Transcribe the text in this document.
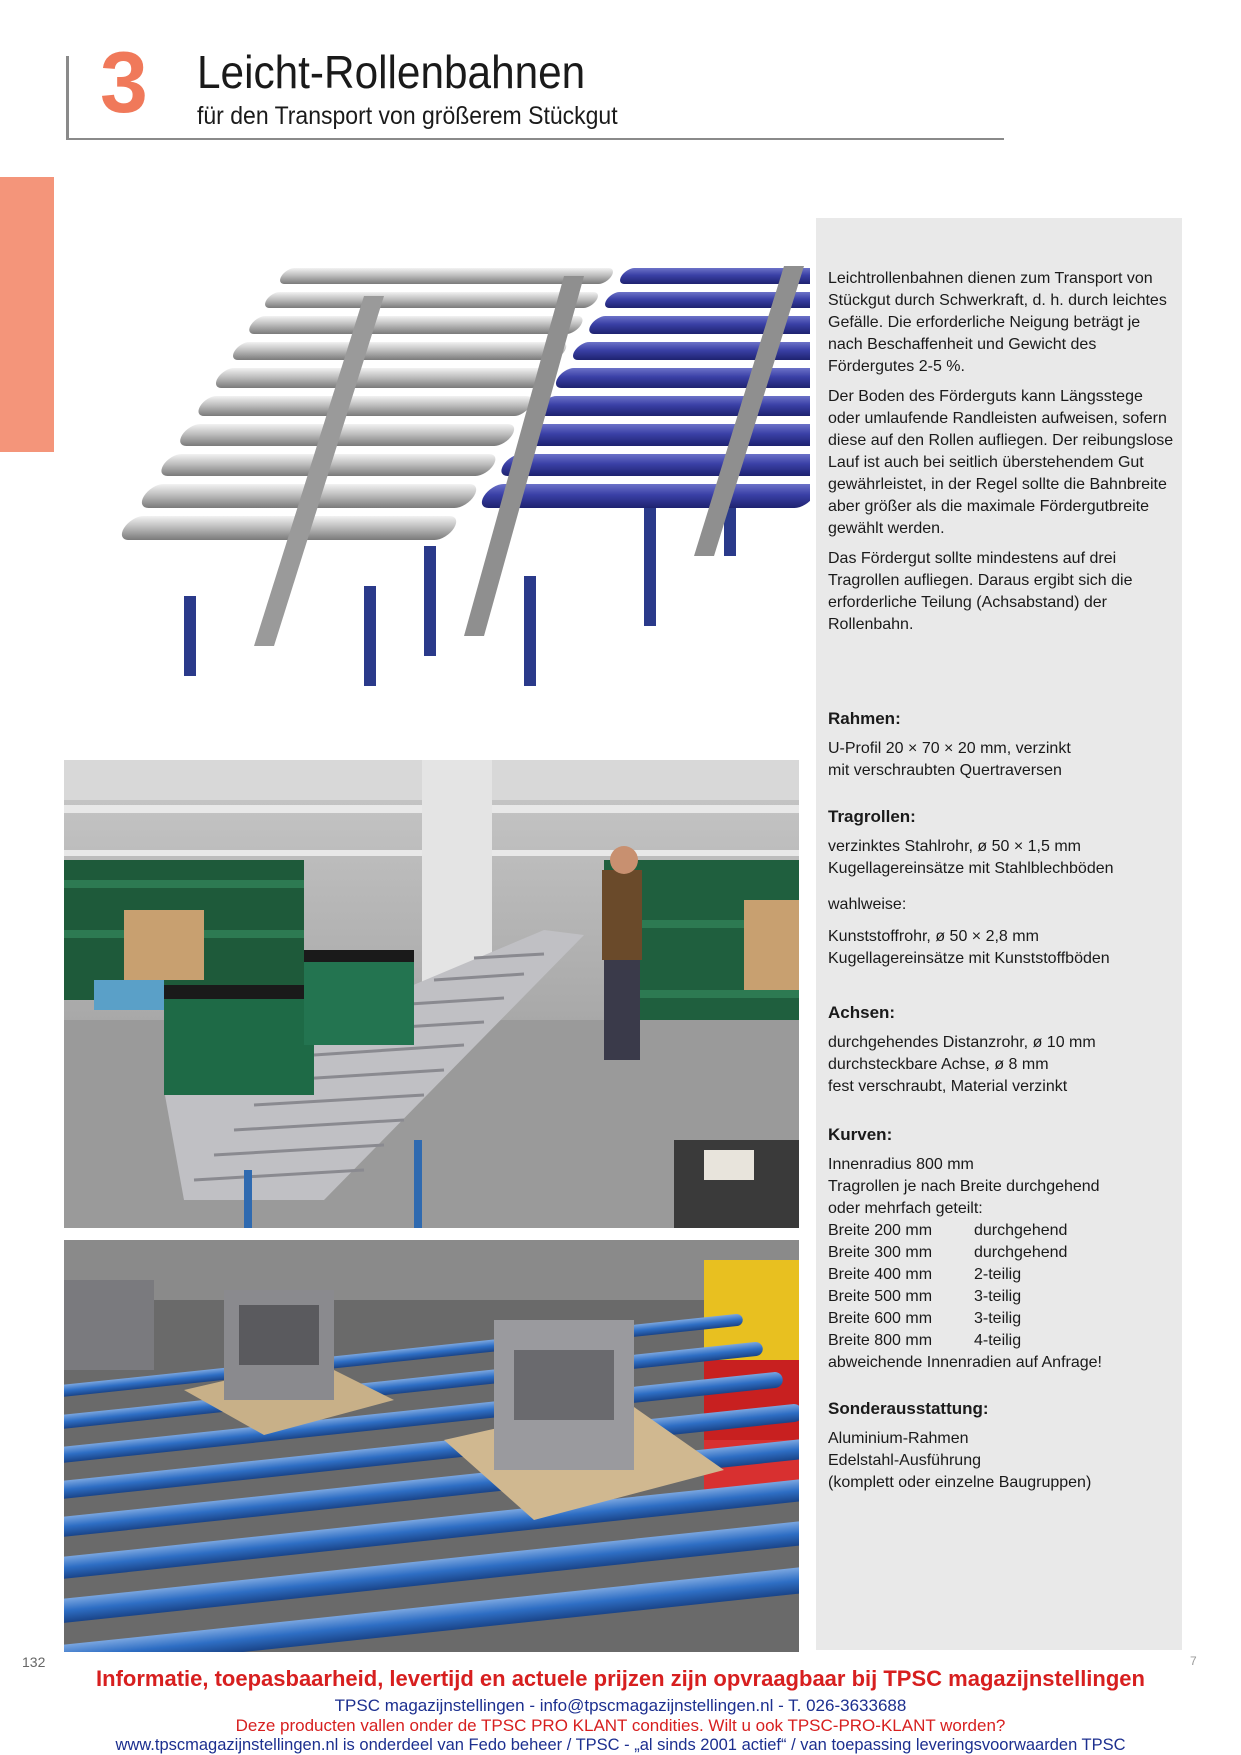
3 Leicht-Rollenbahnen
für den Transport von größerem Stückgut

Leichtrollenbahnen dienen zum Transport von Stückgut durch Schwerkraft, d. h. durch leichtes Gefälle. Die erforderliche Neigung beträgt je nach Beschaffenheit und Gewicht des Fördergutes 2-5 %.

Der Boden des Förderguts kann Längsstege oder umlaufende Randleisten aufweisen, sofern diese auf den Rollen aufliegen. Der reibungslose Lauf ist auch bei seitlich überstehendem Gut gewährleistet, in der Regel sollte die Bahnbreite aber größer als die maximale Fördergutbreite gewählt werden.

Das Fördergut sollte mindestens auf drei Tragrollen aufliegen. Daraus ergibt sich die erforderliche Teilung (Achsabstand) der Rollenbahn.

Rahmen:

U-Profil 20 × 70 × 20 mm, verzinkt

mit verschraubten Quertraversen

Tragrollen:

verzinktes Stahlrohr, ø 50 × 1,5 mm

Kugellagereinsätze mit Stahlblechböden

wahlweise:

Kunststoffrohr, ø 50 × 2,8 mm

Kugellagereinsätze mit Kunststoffböden

Achsen:

durchgehendes Distanzrohr, ø 10 mm

durchsteckbare Achse, ø 8 mm

fest verschraubt, Material verzinkt

Kurven:

Innenradius 800 mm

Tragrollen je nach Breite durchgehend

oder mehrfach geteilt:

Breite 200 mm	durchgehend
Breite 300 mm	durchgehend
Breite 400 mm	2-teilig
Breite 500 mm	3-teilig
Breite 600 mm	3-teilig
Breite 800 mm	4-teilig

abweichende Innenradien auf Anfrage!

Sonderausstattung:

Aluminium-Rahmen

Edelstahl-Ausführung

(komplett oder einzelne Baugruppen)

132	7
Informatie, toepasbaarheid, levertijd en actuele prijzen zijn opvraagbaar bij TPSC magazijnstellingen
TPSC magazijnstellingen - info@tpscmagazijnstellingen.nl - T. 026-3633688
Deze producten vallen onder de TPSC PRO KLANT condities. Wilt u ook TPSC-PRO-KLANT worden?
www.tpscmagazijnstellingen.nl is onderdeel van Fedo beheer / TPSC - „al sinds 2001 actief“ / van toepassing leveringsvoorwaarden TPSC
